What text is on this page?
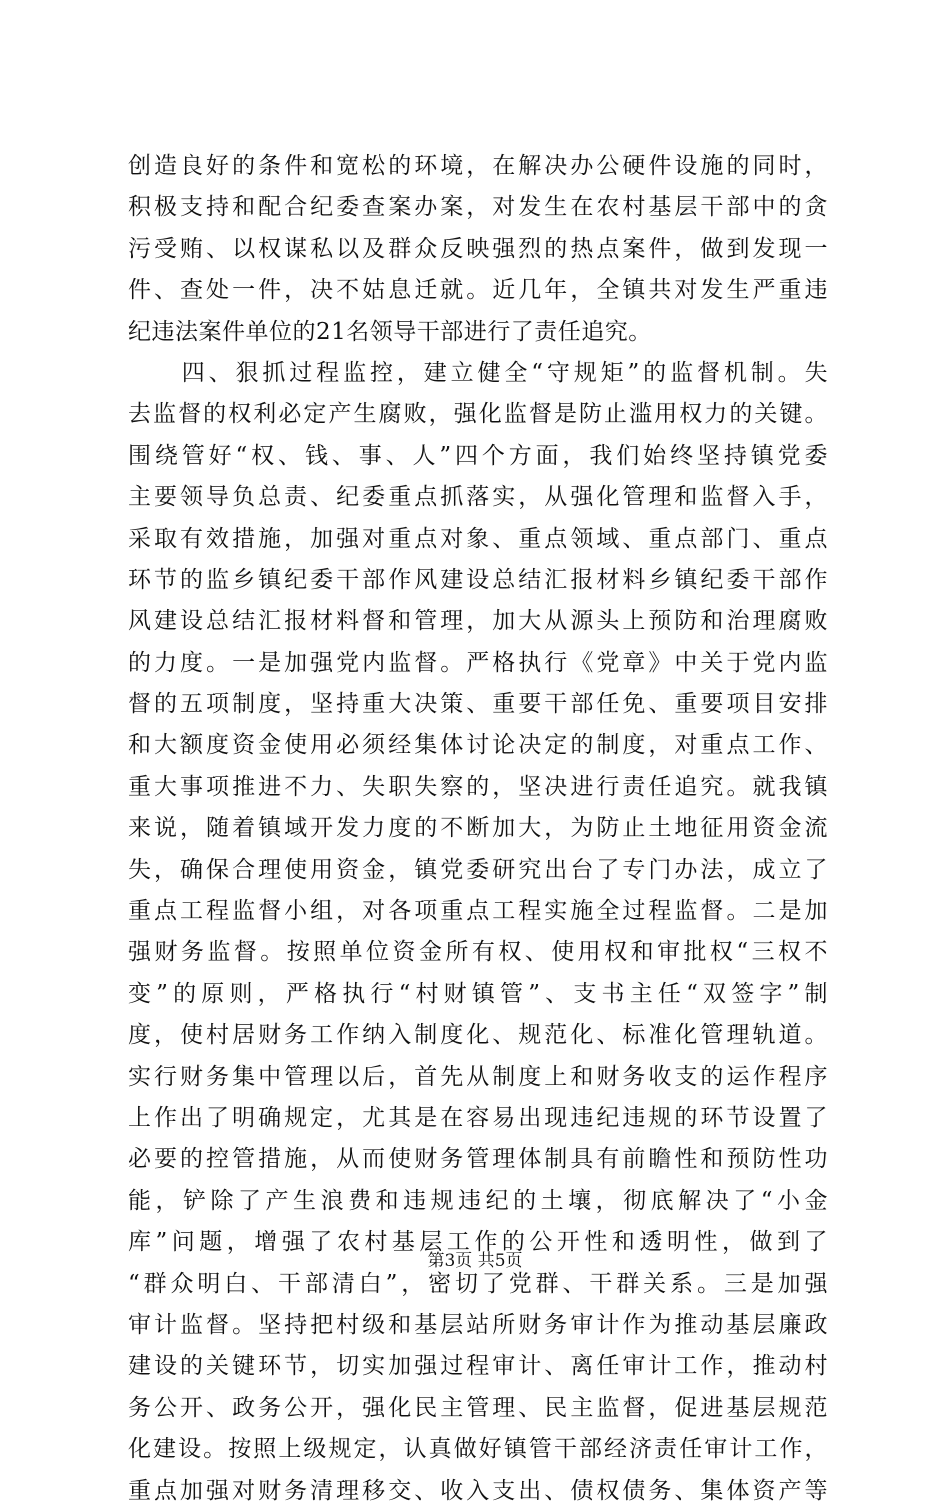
创造良好的条件和宽松的环境，在解决办公硬件设施的同时，
积极支持和配合纪委查案办案，对发生在农村基层干部中的贪
污受贿、以权谋私以及群众反映强烈的热点案件，做到发现一
件、查处一件，决不姑息迁就。近几年，全镇共对发生严重违
纪违法案件单位的21名领导干部进行了责任追究。
　　四、狠抓过程监控，建立健全“守规矩”的监督机制。失
去监督的权利必定产生腐败，强化监督是防止滥用权力的关键。
围绕管好“权、钱、事、人”四个方面，我们始终坚持镇党委
主要领导负总责、纪委重点抓落实，从强化管理和监督入手，
采取有效措施，加强对重点对象、重点领域、重点部门、重点
环节的监乡镇纪委干部作风建设总结汇报材料乡镇纪委干部作
风建设总结汇报材料督和管理，加大从源头上预防和治理腐败
的力度。一是加强党内监督。严格执行《党章》中关于党内监
督的五项制度，坚持重大决策、重要干部任免、重要项目安排
和大额度资金使用必须经集体讨论决定的制度，对重点工作、
重大事项推进不力、失职失察的，坚决进行责任追究。就我镇
来说，随着镇域开发力度的不断加大，为防止土地征用资金流
失，确保合理使用资金，镇党委研究出台了专门办法，成立了
重点工程监督小组，对各项重点工程实施全过程监督。二是加
强财务监督。按照单位资金所有权、使用权和审批权“三权不
变”的原则，严格执行“村财镇管”、支书主任“双签字”制
度，使村居财务工作纳入制度化、规范化、标准化管理轨道。
实行财务集中管理以后，首先从制度上和财务收支的运作程序
上作出了明确规定，尤其是在容易出现违纪违规的环节设置了
必要的控管措施，从而使财务管理体制具有前瞻性和预防性功
能，铲除了产生浪费和违规违纪的土壤，彻底解决了“小金
库”问题，增强了农村基层工作的公开性和透明性，做到了
“群众明白、干部清白”，密切了党群、干群关系。三是加强
审计监督。坚持把村级和基层站所财务审计作为推动基层廉政
建设的关键环节，切实加强过程审计、离任审计工作，推动村
务公开、政务公开，强化民主管理、民主监督，促进基层规范
化建设。按照上级规定，认真做好镇管干部经济责任审计工作，
重点加强对财务清理移交、收入支出、债权债务、集体资产等
第3页 共5页
